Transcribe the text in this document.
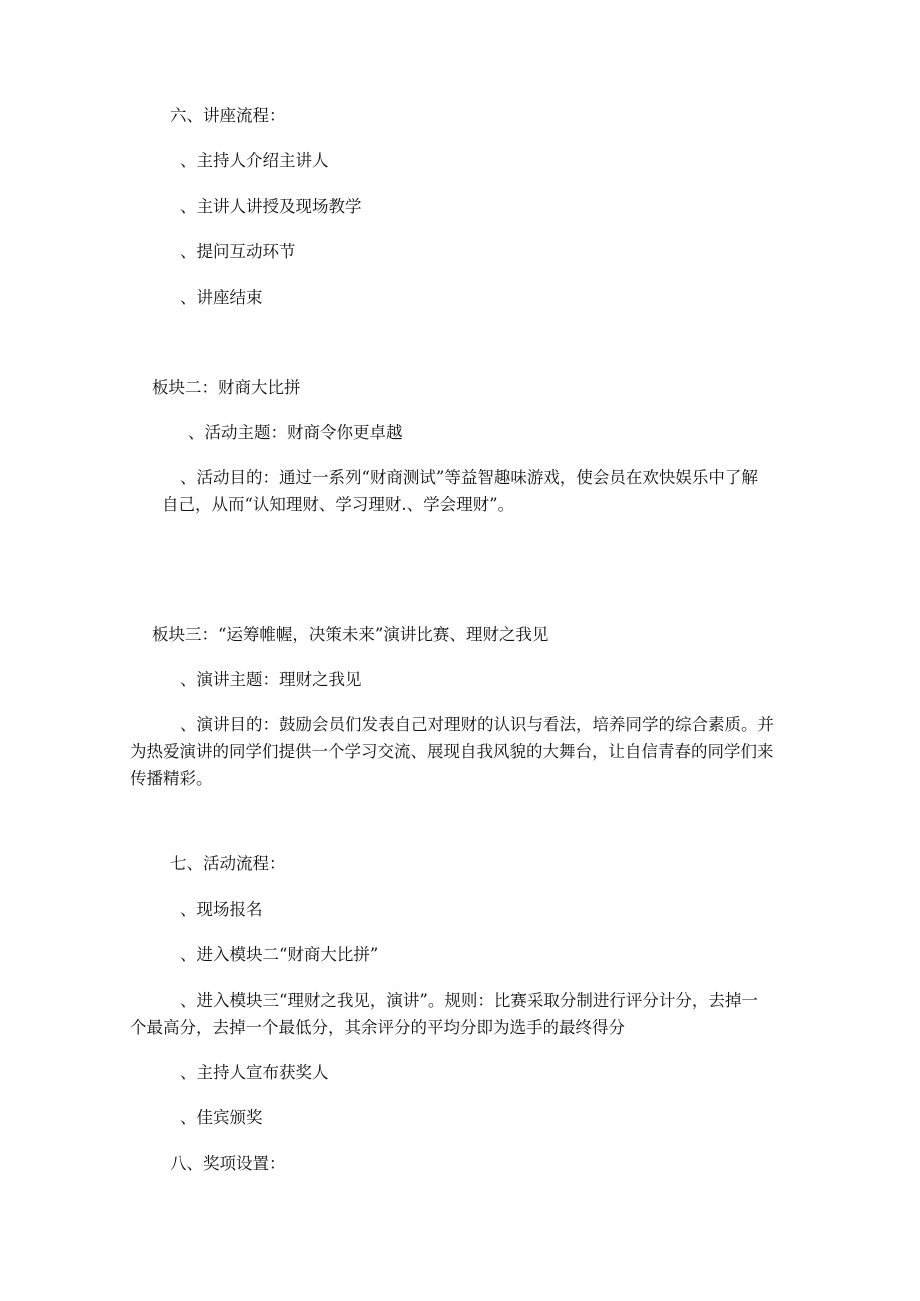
六、讲座流程：
、主持人介绍主讲人
、主讲人讲授及现场教学
、提问互动环节
、讲座结束
板块二：财商大比拼
、活动主题：财商令你更卓越
、活动目的：通过一系列“财商测试”等益智趣味游戏，使会员在欢快娱乐中了解
自己，从而“认知理财、学习理财.、学会理财”。
板块三：“运筹帷幄，决策未来”演讲比赛、理财之我见
、演讲主题：理财之我见
、演讲目的：鼓励会员们发表自己对理财的认识与看法，培养同学的综合素质。并
为热爱演讲的同学们提供一个学习交流、展现自我风貌的大舞台，让自信青春的同学们来
传播精彩。
七、活动流程：
、现场报名
、进入模块二“财商大比拼”
、进入模块三“理财之我见，演讲”。规则：比赛采取分制进行评分计分，去掉一
个最高分，去掉一个最低分，其余评分的平均分即为选手的最终得分
、主持人宣布获奖人
、佳宾颁奖
八、奖项设置：
